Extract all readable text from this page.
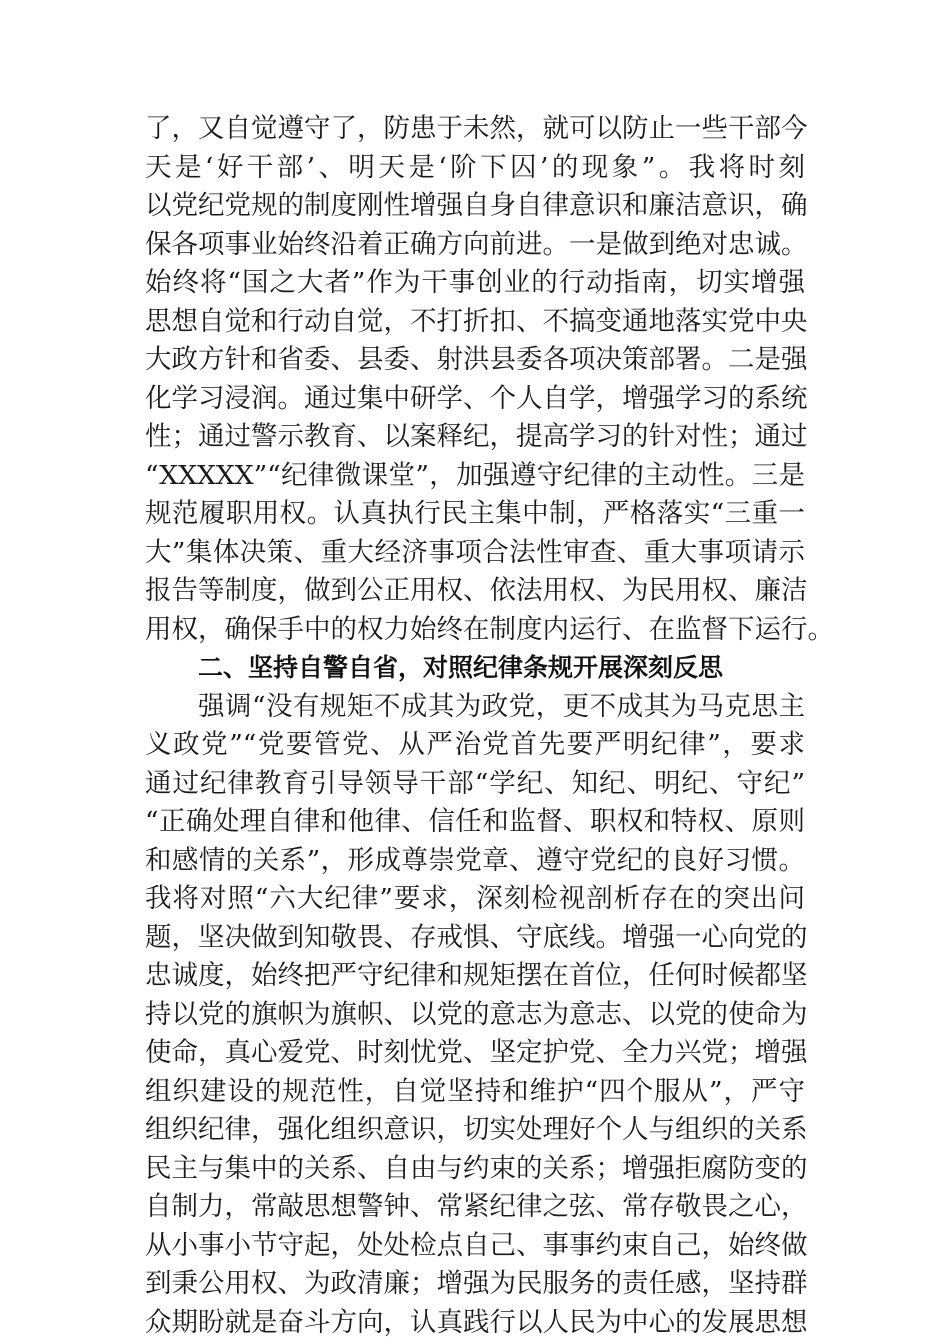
了，又自觉遵守了，防患于未然，就可以防止一些干部今
天是‘好干部’、明天是‘阶下囚’的现象”。我将时刻
以党纪党规的制度刚性增强自身自律意识和廉洁意识，确
保各项事业始终沿着正确方向前进。一是做到绝对忠诚。
始终将“国之大者”作为干事创业的行动指南，切实增强
思想自觉和行动自觉，不打折扣、不搞变通地落实党中央
大政方针和省委、县委、射洪县委各项决策部署。二是强
化学习浸润。通过集中研学、个人自学，增强学习的系统
性；通过警示教育、以案释纪，提高学习的针对性；通过
“XXXXX”“纪律微课堂”，加强遵守纪律的主动性。三是
规范履职用权。认真执行民主集中制，严格落实“三重一
大”集体决策、重大经济事项合法性审查、重大事项请示
报告等制度，做到公正用权、依法用权、为民用权、廉洁
用权，确保手中的权力始终在制度内运行、在监督下运行。
二、坚持自警自省，对照纪律条规开展深刻反思
强调“没有规矩不成其为政党，更不成其为马克思主
义政党”“党要管党、从严治党首先要严明纪律”，要求
通过纪律教育引导领导干部“学纪、知纪、明纪、守纪”
“正确处理自律和他律、信任和监督、职权和特权、原则
和感情的关系”，形成尊崇党章、遵守党纪的良好习惯。
我将对照“六大纪律”要求，深刻检视剖析存在的突出问
题，坚决做到知敬畏、存戒惧、守底线。增强一心向党的
忠诚度，始终把严守纪律和规矩摆在首位，任何时候都坚
持以党的旗帜为旗帜、以党的意志为意志、以党的使命为
使命，真心爱党、时刻忧党、坚定护党、全力兴党；增强
组织建设的规范性，自觉坚持和维护“四个服从”，严守
组织纪律，强化组织意识，切实处理好个人与组织的关系
民主与集中的关系、自由与约束的关系；增强拒腐防变的
自制力，常敲思想警钟、常紧纪律之弦、常存敬畏之心，
从小事小节守起，处处检点自己、事事约束自己，始终做
到秉公用权、为政清廉；增强为民服务的责任感，坚持群
众期盼就是奋斗方向，认真践行以人民为中心的发展思想
